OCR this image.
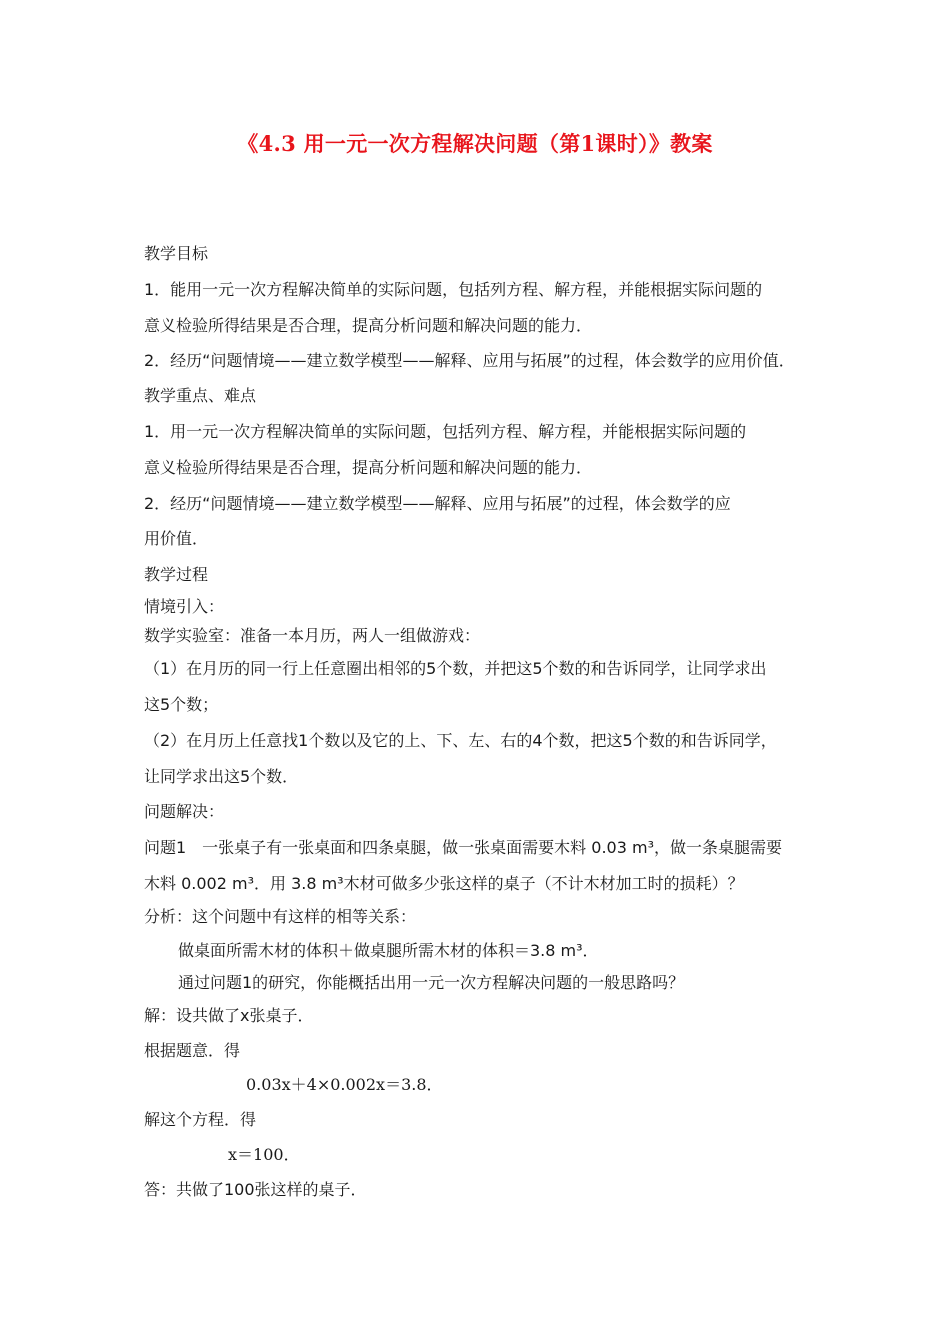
《4.3 用一元一次方程解决问题（第1课时）》教案
教学目标
1．能用一元一次方程解决简单的实际问题，包括列方程、解方程，并能根据实际问题的
意义检验所得结果是否合理，提高分析问题和解决问题的能力．
2．经历“问题情境——建立数学模型——解释、应用与拓展”的过程，体会数学的应用价值．
教学重点、难点
1．用一元一次方程解决简单的实际问题，包括列方程、解方程，并能根据实际问题的
意义检验所得结果是否合理，提高分析问题和解决问题的能力．
2．经历“问题情境——建立数学模型——解释、应用与拓展”的过程，体会数学的应
用价值．
教学过程
情境引入：
数学实验室：准备一本月历，两人一组做游戏：
（1）在月历的同一行上任意圈出相邻的5个数，并把这5个数的和告诉同学，让同学求出
这5个数；
（2）在月历上任意找1个数以及它的上、下、左、右的4个数，把这5个数的和告诉同学，
让同学求出这5个数．
问题解决：
问题1　一张桌子有一张桌面和四条桌腿，做一张桌面需要木料 0.03 m³，做一条桌腿需要
木料 0.002 m³．用 3.8 m³木材可做多少张这样的桌子（不计木材加工时的损耗）？
分析：这个问题中有这样的相等关系：
做桌面所需木材的体积＋做桌腿所需木材的体积＝3.8 m³．
通过问题1的研究，你能概括出用一元一次方程解决问题的一般思路吗？
解：设共做了x张桌子．
根据题意．得
0.03x＋4×0.002x＝3.8．
解这个方程．得
x＝100．
答：共做了100张这样的桌子．
